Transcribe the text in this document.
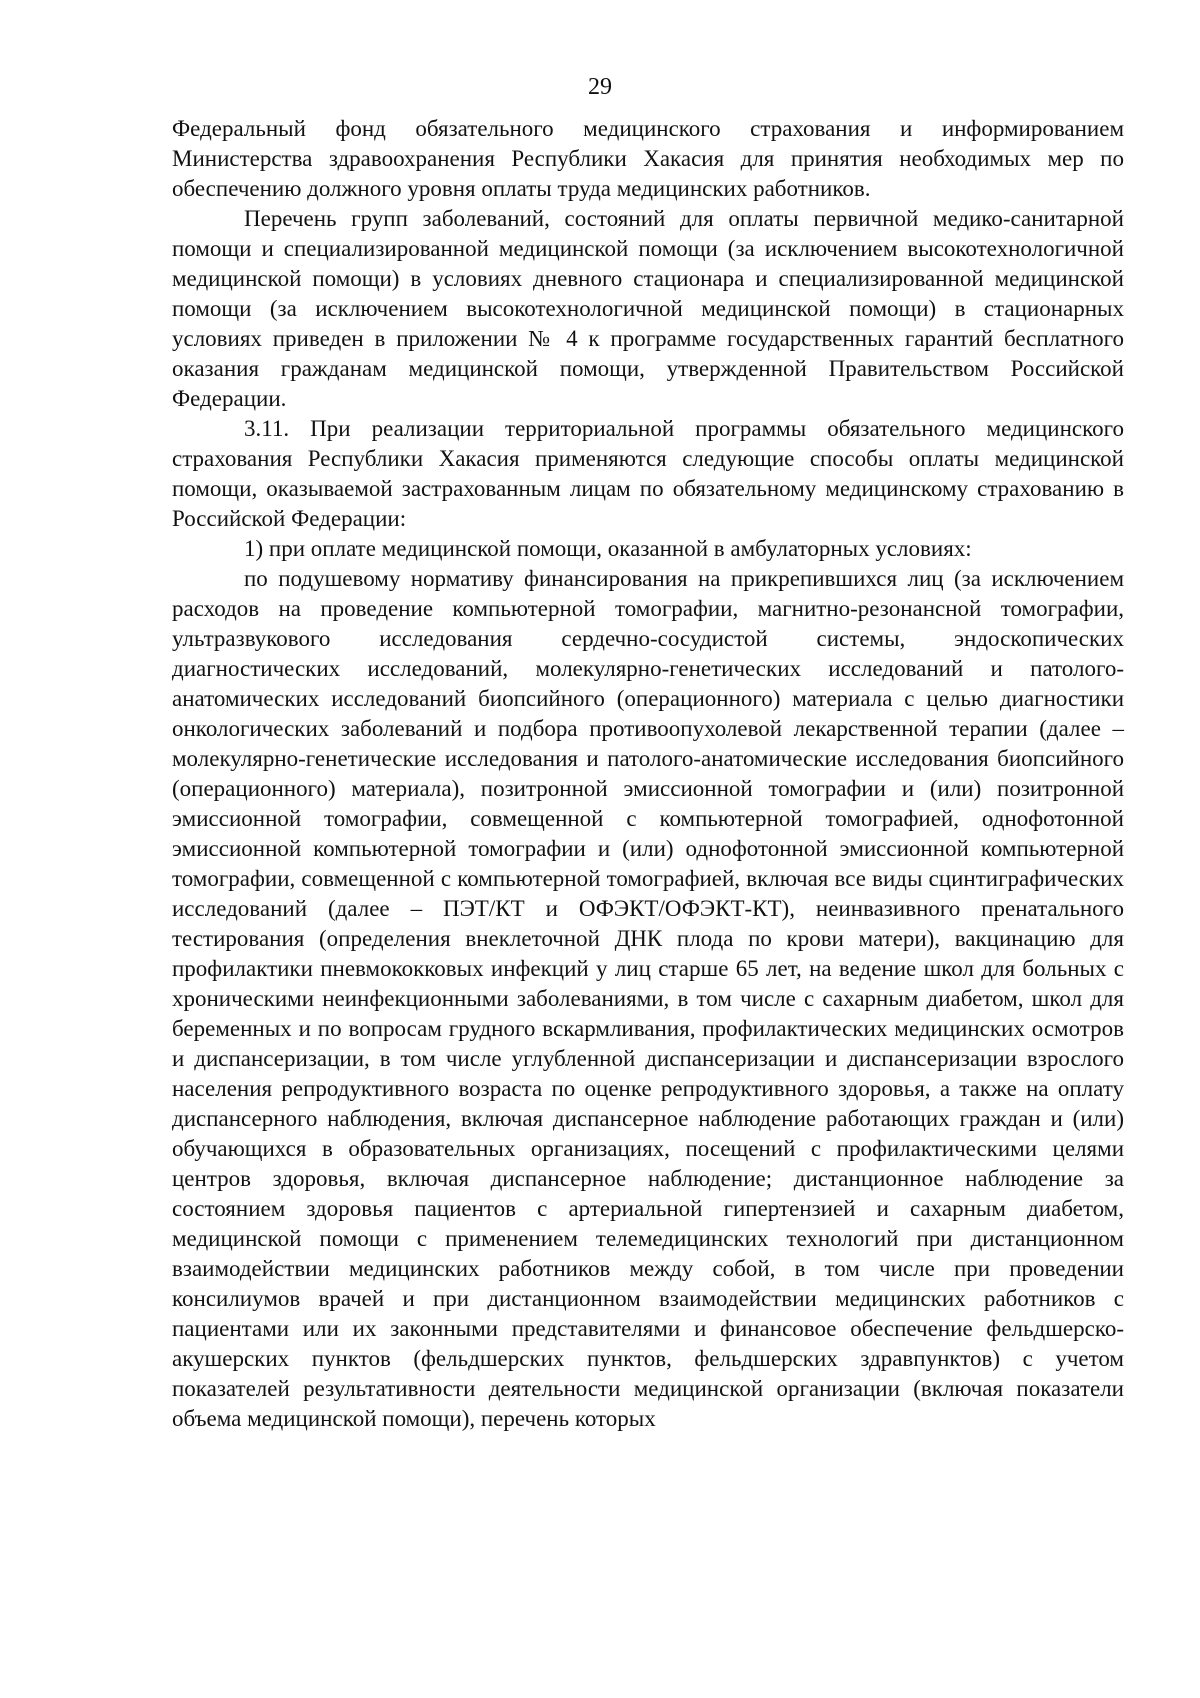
29

Федеральный фонд обязательного медицинского страхования и информированием Министерства здравоохранения Республики Хакасия для принятия необходимых мер по обеспечению должного уровня оплаты труда медицинских работников.

Перечень групп заболеваний, состояний для оплаты первичной медико-санитарной помощи и специализированной медицинской помощи (за исключением высокотехнологичной медицинской помощи) в условиях дневного стационара и специализированной медицинской помощи (за исключением высокотехнологичной медицинской помощи) в стационарных условиях приведен в приложении № 4 к программе государственных гарантий бесплатного оказания гражданам медицинской помощи, утвержденной Правительством Российской Федерации.

3.11. При реализации территориальной программы обязательного медицинского страхования Республики Хакасия применяются следующие способы оплаты медицинской помощи, оказываемой застрахованным лицам по обязательному медицинскому страхованию в Российской Федерации:

1) при оплате медицинской помощи, оказанной в амбулаторных условиях:

по подушевому нормативу финансирования на прикрепившихся лиц (за исключением расходов на проведение компьютерной томографии, магнитно-резонансной томографии, ультразвукового исследования сердечно-сосудистой системы, эндоскопических диагностических исследований, молекулярно-генетических исследований и патолого-анатомических исследований биопсийного (операционного) материала с целью диагностики онкологических заболеваний и подбора противоопухолевой лекарственной терапии (далее – молекулярно-генетические исследования и патолого-анатомические исследования биопсийного (операционного) материала), позитронной эмиссионной томографии и (или) позитронной эмиссионной томографии, совмещенной с компьютерной томографией, однофотонной эмиссионной компьютерной томографии и (или) однофотонной эмиссионной компьютерной томографии, совмещенной с компьютерной томографией, включая все виды сцинтиграфических исследований (далее – ПЭТ/КТ и ОФЭКТ/ОФЭКТ-КТ), неинвазивного пренатального тестирования (определения внеклеточной ДНК плода по крови матери), вакцинацию для профилактики пневмококковых инфекций у лиц старше 65 лет, на ведение школ для больных с хроническими неинфекционными заболеваниями, в том числе с сахарным диабетом, школ для беременных и по вопросам грудного вскармливания, профилактических медицинских осмотров и диспансеризации, в том числе углубленной диспансеризации и диспансеризации взрослого населения репродуктивного возраста по оценке репродуктивного здоровья, а также на оплату диспансерного наблюдения, включая диспансерное наблюдение работающих граждан и (или) обучающихся в образовательных организациях, посещений с профилактическими целями центров здоровья, включая диспансерное наблюдение; дистанционное наблюдение за состоянием здоровья пациентов с артериальной гипертензией и сахарным диабетом, медицинской помощи с применением телемедицинских технологий при дистанционном взаимодействии медицинских работников между собой, в том числе при проведении консилиумов врачей и при дистанционном взаимодействии медицинских работников с пациентами или их законными представителями и финансовое обеспечение фельдшерско-акушерских пунктов (фельдшерских пунктов, фельдшерских здравпунктов) с учетом показателей результативности деятельности медицинской организации (включая показатели объема медицинской помощи), перечень которых
